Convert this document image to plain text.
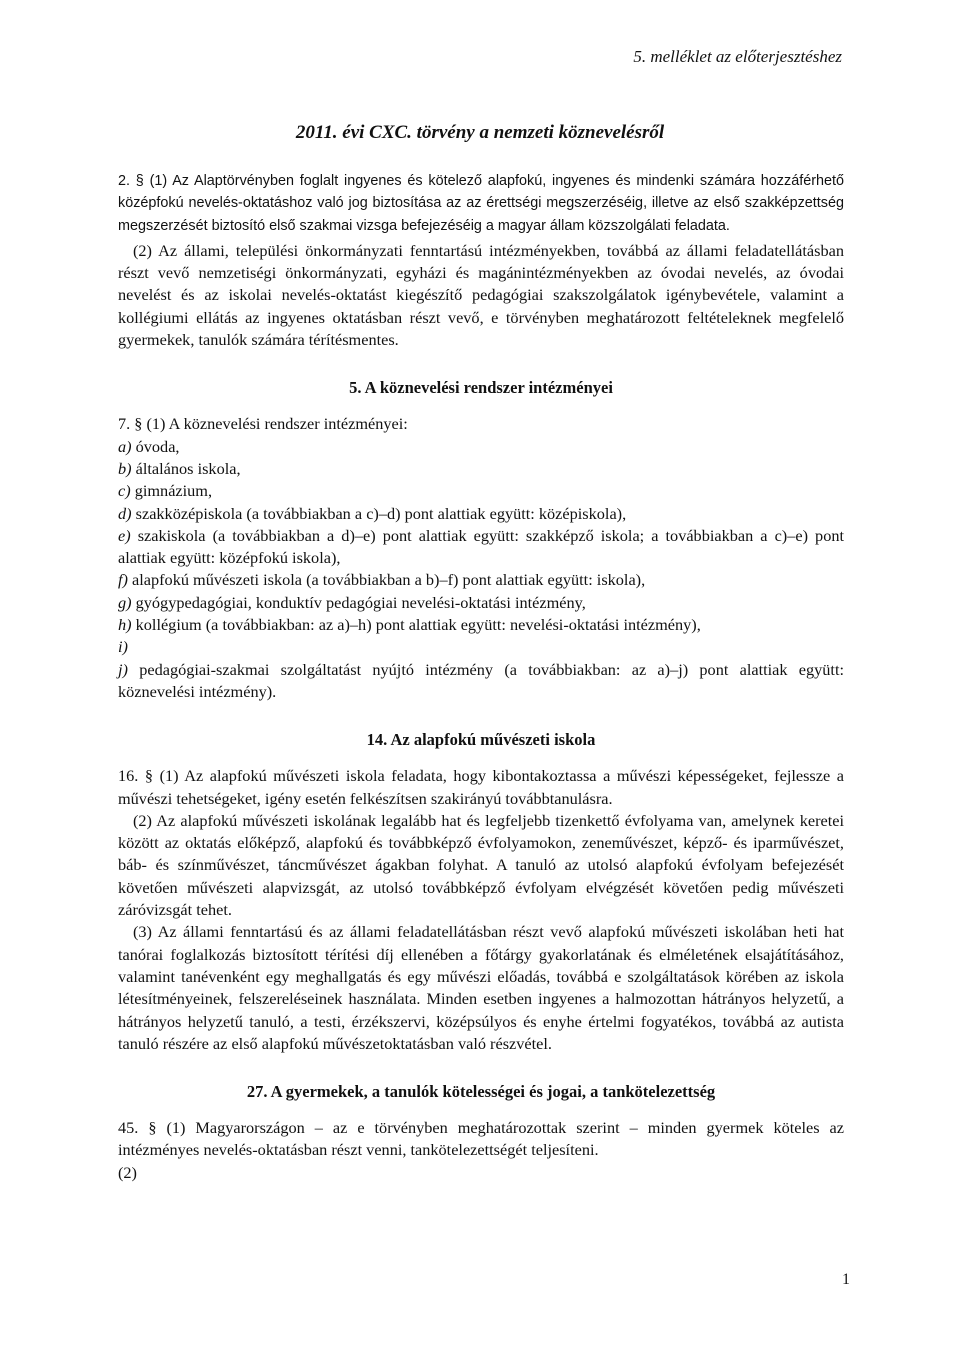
5. melléklet az előterjesztéshez
2011. évi CXC. törvény a nemzeti köznevelésről

2. § (1) Az Alaptörvényben foglalt ingyenes és kötelező alapfokú, ingyenes és mindenki számára hozzáférhető középfokú nevelés-oktatáshoz való jog biztosítása az az érettségi megszerzéséig, illetve az első szakképzettség megszerzését biztosító első szakmai vizsga befejezéséig a magyar állam közszolgálati feladata.

(2) Az állami, települési önkormányzati fenntartású intézményekben, továbbá az állami feladatellátásban részt vevő nemzetiségi önkormányzati, egyházi és magánintézményekben az óvodai nevelés, az óvodai nevelést és az iskolai nevelés-oktatást kiegészítő pedagógiai szakszolgálatok igénybevétele, valamint a kollégiumi ellátás az ingyenes oktatásban részt vevő, e törvényben meghatározott feltételeknek megfelelő gyermekek, tanulók számára térítésmentes.

5. A köznevelési rendszer intézményei

7. § (1) A köznevelési rendszer intézményei:

a) óvoda,

b) általános iskola,

c) gimnázium,

d) szakközépiskola (a továbbiakban a c)–d) pont alattiak együtt: középiskola),

e) szakiskola (a továbbiakban a d)–e) pont alattiak együtt: szakképző iskola; a továbbiakban a c)–e) pont alattiak együtt: középfokú iskola),

f) alapfokú művészeti iskola (a továbbiakban a b)–f) pont alattiak együtt: iskola),

g) gyógypedagógiai, konduktív pedagógiai nevelési-oktatási intézmény,

h) kollégium (a továbbiakban: az a)–h) pont alattiak együtt: nevelési-oktatási intézmény),

i)

j) pedagógiai-szakmai szolgáltatást nyújtó intézmény (a továbbiakban: az a)–j) pont alattiak együtt: köznevelési intézmény).

14. Az alapfokú művészeti iskola

16. § (1) Az alapfokú művészeti iskola feladata, hogy kibontakoztassa a művészi képességeket, fejlessze a művészi tehetségeket, igény esetén felkészítsen szakirányú továbbtanulásra.

(2) Az alapfokú művészeti iskolának legalább hat és legfeljebb tizenkettő évfolyama van, amelynek keretei között az oktatás előképző, alapfokú és továbbképző évfolyamokon, zeneművészet, képző- és iparművészet, báb- és színművészet, táncművészet ágakban folyhat. A tanuló az utolsó alapfokú évfolyam befejezését követően művészeti alapvizsgát, az utolsó továbbképző évfolyam elvégzését követően pedig művészeti záróvizsgát tehet.

(3) Az állami fenntartású és az állami feladatellátásban részt vevő alapfokú művészeti iskolában heti hat tanórai foglalkozás biztosított térítési díj ellenében a főtárgy gyakorlatának és elméletének elsajátításához, valamint tanévenként egy meghallgatás és egy művészi előadás, továbbá e szolgáltatások körében az iskola létesítményeinek, felszereléseinek használata. Minden esetben ingyenes a halmozottan hátrányos helyzetű, a hátrányos helyzetű tanuló, a testi, érzékszervi, középsúlyos és enyhe értelmi fogyatékos, továbbá az autista tanuló részére az első alapfokú művészetoktatásban való részvétel.

27. A gyermekek, a tanulók kötelességei és jogai, a tankötelezettség

45. § (1) Magyarországon – az e törvényben meghatározottak szerint – minden gyermek köteles az intézményes nevelés-oktatásban részt venni, tankötelezettségét teljesíteni.

(2)

1
